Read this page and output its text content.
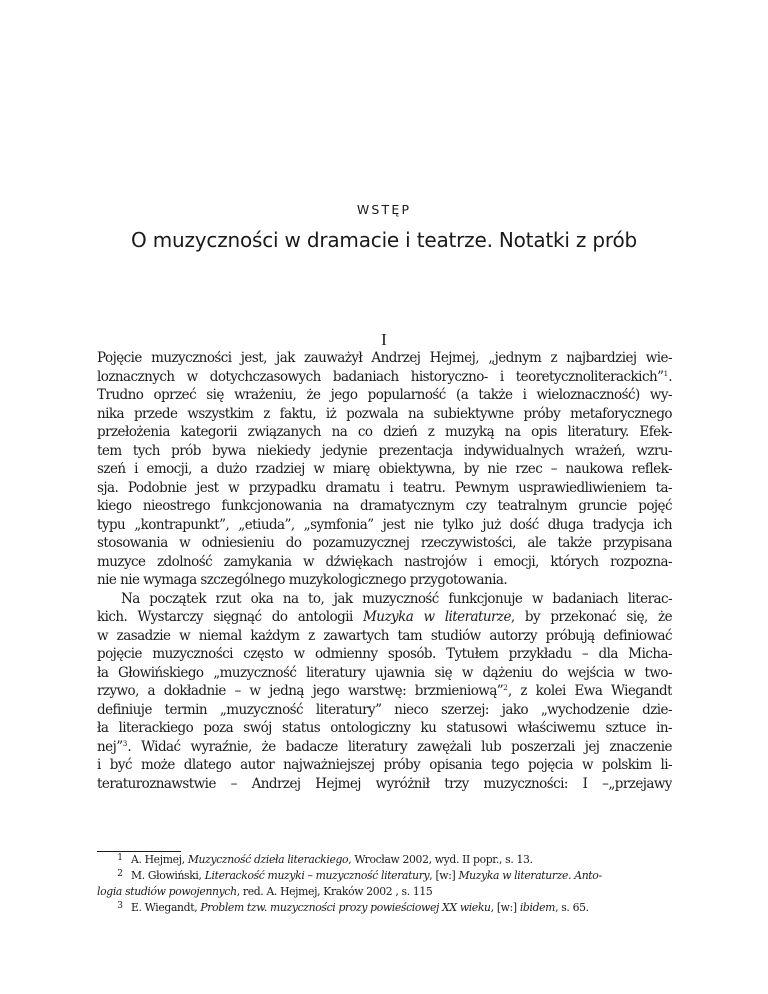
WSTĘP
O muzyczności w dramacie i teatrze. Notatki z prób
I
Pojęcie muzyczności jest, jak zauważył Andrzej Hejmej, „jednym z najbardziej wie-
loznacznych w dotychczasowych badaniach historyczno- i teoretycznoliterackich”$^1$.
Trudno oprzeć się wrażeniu, że jego popularność (a także i wieloznaczność) wy-
nika przede wszystkim z faktu, iż pozwala na subiektywne próby metaforycznego
przełożenia kategorii związanych na co dzień z muzyką na opis literatury. Efek-
tem tych prób bywa niekiedy jedynie prezentacja indywidualnych wrażeń, wzru-
szeń i emocji, a dużo rzadziej w miarę obiektywna, by nie rzec – naukowa reflek-
sja. Podobnie jest w przypadku dramatu i teatru. Pewnym usprawiedliwieniem ta-
kiego nieostrego funkcjonowania na dramatycznym czy teatralnym gruncie pojęć
typu „kontrapunkt”, „etiuda”, „symfonia” jest nie tylko już dość długa tradycja ich
stosowania w odniesieniu do pozamuzycznej rzeczywistości, ale także przypisana
muzyce zdolność zamykania w dźwiękach nastrojów i emocji, których rozpozna-
nie nie wymaga szczególnego muzykologicznego przygotowania.
Na początek rzut oka na to, jak muzyczność funkcjonuje w badaniach literac-
kich. Wystarczy sięgnąć do antologii Muzyka w literaturze, by przekonać się, że
w zasadzie w niemal każdym z zawartych tam studiów autorzy próbują definiować
pojęcie muzyczności często w odmienny sposób. Tytułem przykładu – dla Micha-
ła Głowińskiego „muzyczność literatury ujawnia się w dążeniu do wejścia w two-
rzywo, a dokładnie – w jedną jego warstwę: brzmieniową”$^2$, z kolei Ewa Wiegandt
definiuje termin „muzyczność literatury” nieco szerzej: jako „wychodzenie dzie-
ła literackiego poza swój status ontologiczny ku statusowi właściwemu sztuce in-
nej”$^3$. Widać wyraźnie, że badacze literatury zawężali lub poszerzali jej znaczenie
i być może dlatego autor najważniejszej próby opisania tego pojęcia w polskim li-
teraturoznawstwie – Andrzej Hejmej wyróżnił trzy muzyczności: I –„przejawy
1 A. Hejmej, Muzyczność dzieła literackiego, Wrocław 2002, wyd. II popr., s. 13.
2 M. Głowiński, Literackość muzyki – muzyczność literatury, [w:] Muzyka w literaturze. Anto-
logia studiów powojennych, red. A. Hejmej, Kraków 2002 , s. 115
3 E. Wiegandt, Problem tzw. muzyczności prozy powieściowej XX wieku, [w:] ibidem, s. 65.
